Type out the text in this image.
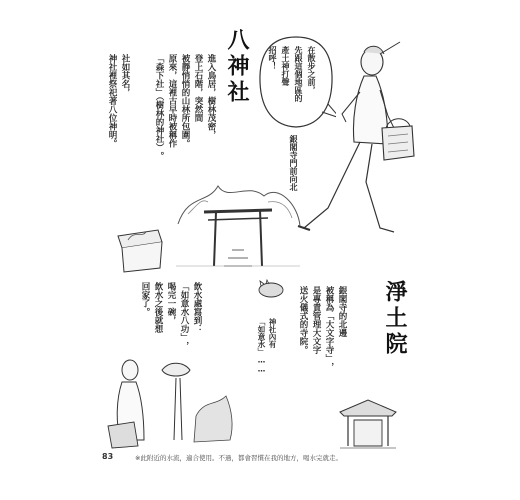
八神社	在散步之前，
先跟這個地區的
產土神打聲
招呼！
銀閣寺門前向北
進入鳥居，樹林茂密，
登上石階，突然間
被靜悄悄的山林所包圍。
原來，這裡古早時被稱作
「森下社」（樹林的神社）。
社如其名，
神社裡祭祀著八位神明。
淨土院
銀閣寺的北邊
被稱為「大文字寺」，
是專責管理大文字
送火儀式的寺院。
神社內有
「如意水」……
飲水處寫到：
「如意水八功」，
喝完一碗，
飲水之後就想
回家了。
83	※此附近的水流，適合使用。不過，都會習慣在我的地方，喝水完就走。
